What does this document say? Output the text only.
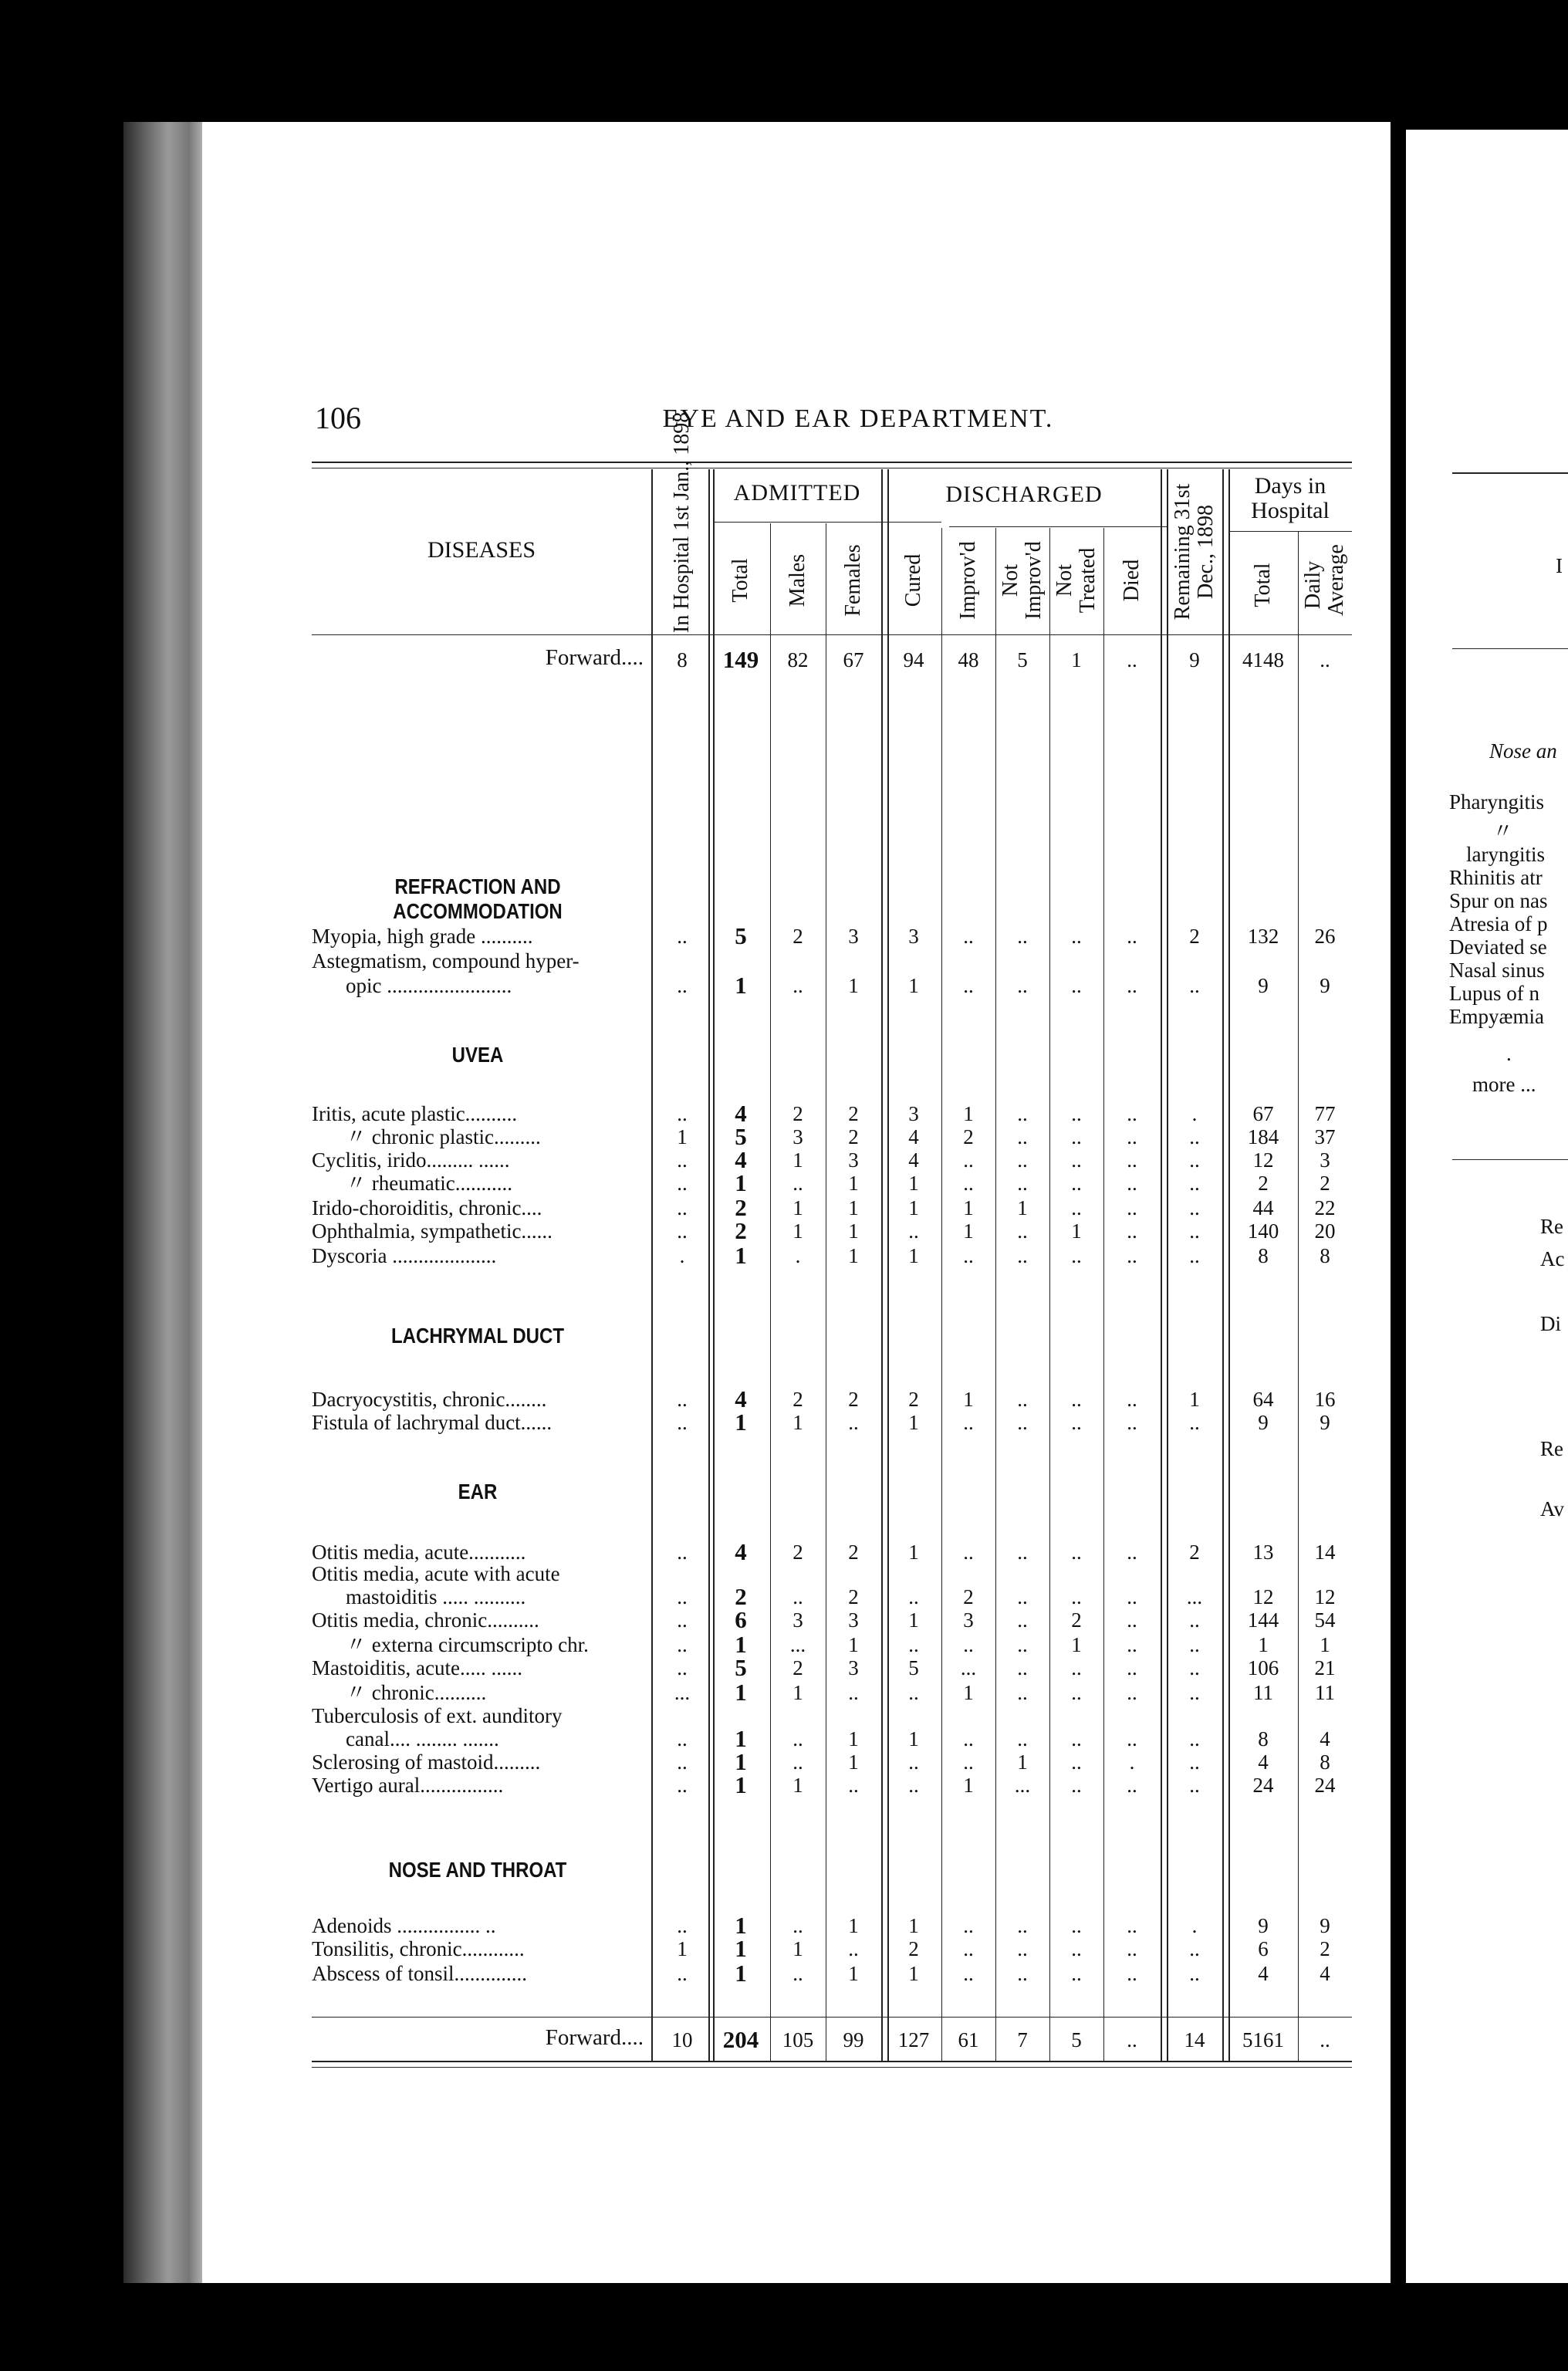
106	EYE AND EAR DEPARTMENT.
DISEASES	In Hospital 1st Jan., 1898	ADMITTED
Total Males Females
DISCHARGED
Cured Improv'd Not Improv'd Not Treated Died Remaining 31st Dec., 1898
Days in Hospital
Total Daily Average
Forward.... 8 149 82 67 94 48 5 1 ..	9 4148 ..
REFRACTION AND ACCOMMODATION
Myopia, high grade ..........	.. 5 2 3 3 .. .. .. ..	2 132 26
Astegmatism, compound hyper-
opic ........................	.. 1 .. 1 1 .. .. .. ..	..	9 9
UVEA
Iritis, acute plastic..........	.. 4 2 2 3 1 .. .. ..	.	67 77
〃 chronic plastic.........	1 5 3 2 4 2 .. .. ..	.. 184 37
Cyclitis, irido......... ......	.. 4 1 3 4 .. .. .. ..	..	12 3
〃 rheumatic...........	.. 1 .. 1 1 .. .. .. ..	..	2 2
Irido-choroiditis, chronic....	.. 2 1 1 1 1 1 .. ..	..	44 22
Ophthalmia, sympathetic......	.. 2 1 1 .. 1 .. 1 ..	.. 140 20
Dyscoria ....................	. 1 . 1 1 .. .. .. ..	..	8 8
LACHRYMAL DUCT
Dacryocystitis, chronic........	.. 4 2 2 2 1 .. .. ..	1	64 16
Fistula of lachrymal duct......	.. 1 1 .. 1 .. .. .. ..	..	9 9
EAR
Otitis media, acute...........	.. 4 2 2 1 .. .. .. ..	2	13 14
Otitis media, acute with acute
mastoiditis ..... ..........	.. 2 .. 2 .. 2 .. .. .. ... 12 12
Otitis media, chronic..........	.. 6 3 3 1 3 .. 2 ..	.. 144 54
〃 externa circumscripto chr.	.. 1 ... 1 .. .. .. 1 ..	..	1 1
Mastoiditis, acute..... ......	.. 5 2 3 5 ... .. .. ..	.. 106 21
〃 chronic..........	... 1 1 .. .. 1 .. .. ..	..	11 11
Tuberculosis of ext. aunditory
canal.... ........ .......	.. 1 .. 1 1 .. .. .. ..	..	8 4
Sclerosing of mastoid.........	.. 1 .. 1 .. .. 1 .. .	..	4 8
Vertigo aural................	.. 1 1 .. .. 1 ... .. ..	..	24 24
NOSE AND THROAT
Adenoids ................ ..	.. 1 .. 1 1 .. .. .. ..	.	9 9
Tonsilitis, chronic............	1 1 1 .. 2 .. .. .. ..	..	6 2
Abscess of tonsil..............	.. 1 .. 1 1 .. .. .. ..	..	4 4
Forward.... 10 204 105 99 127 61 7 5 .. 14 5161 ..
I
Nose an
Pharyngitis
〃
laryngitis
Rhinitis atr
Spur on nas
Atresia of p
Deviated se
Nasal sinus
Lupus of n
Empyæmia
.
more ...
Re
Ac
Di
Re
Av
